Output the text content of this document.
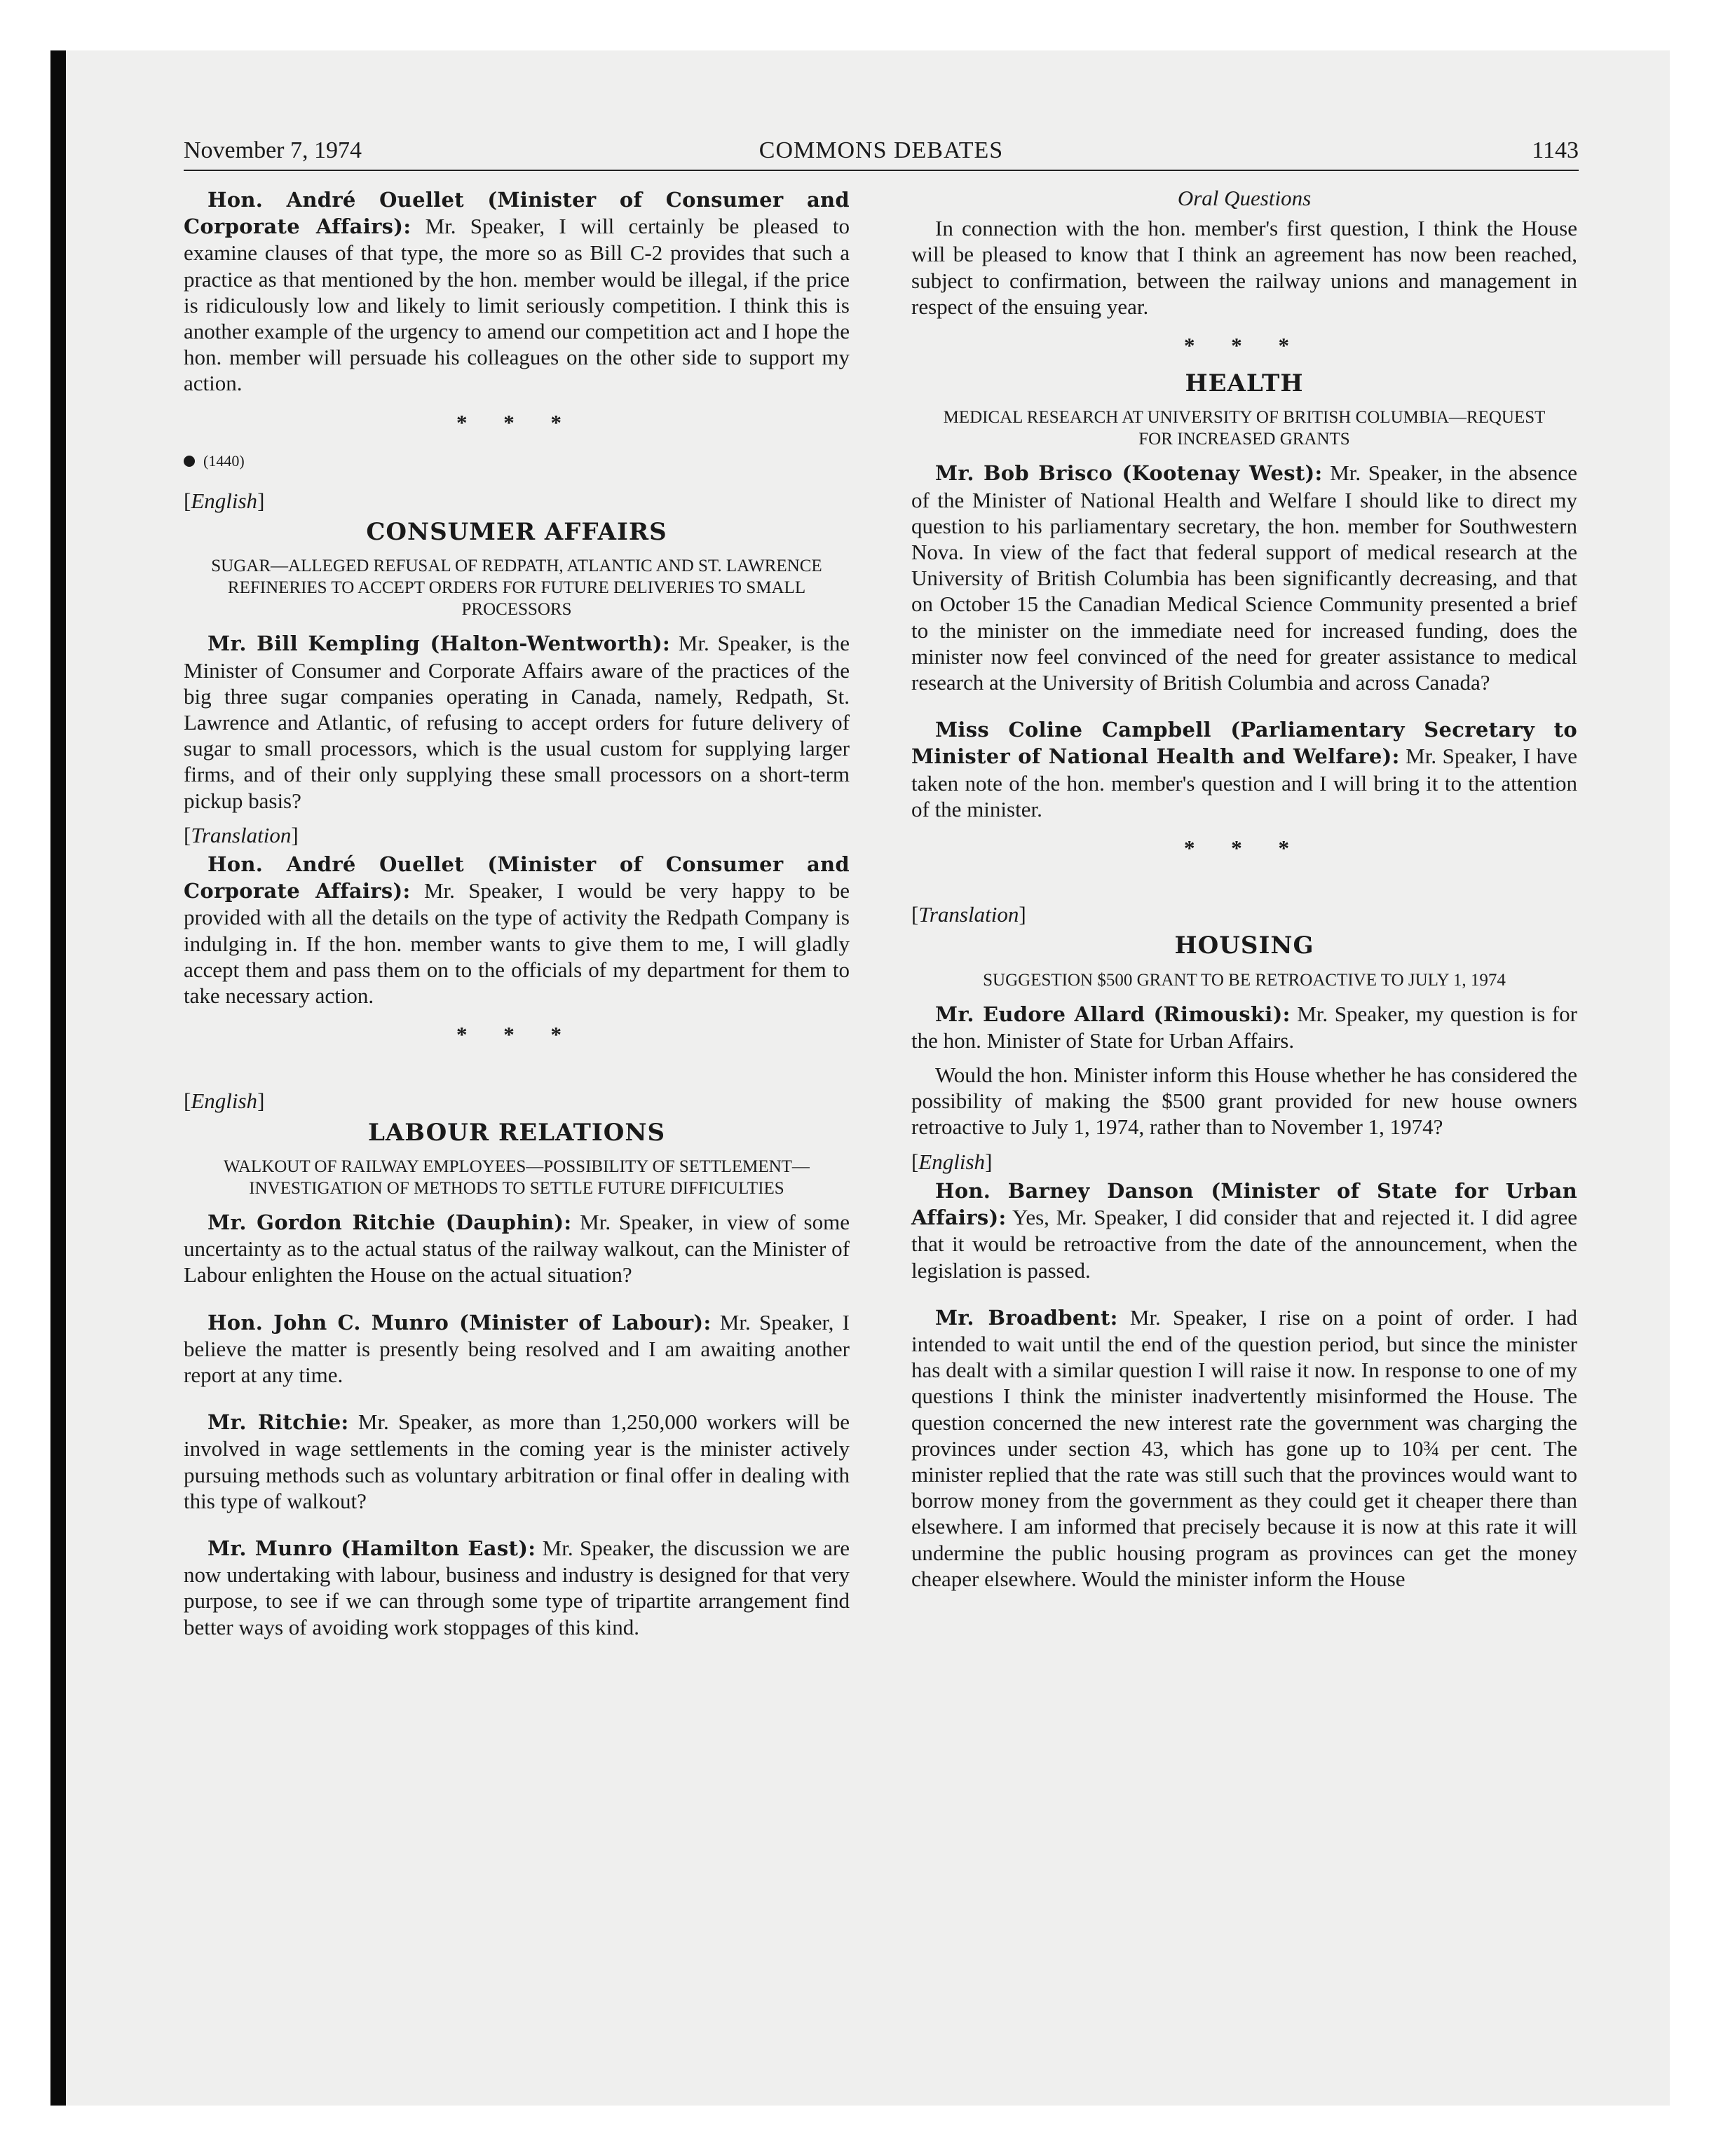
November 7, 1974	COMMONS DEBATES	1143

Hon. André Ouellet (Minister of Consumer and Corporate Affairs): Mr. Speaker, I will certainly be pleased to examine clauses of that type, the more so as Bill C-2 provides that such a practice as that mentioned by the hon. member would be illegal, if the price is ridiculously low and likely to limit seriously competition. I think this is another example of the urgency to amend our competition act and I hope the hon. member will persuade his colleagues on the other side to support my action.

* * *
(1440)
[English]
CONSUMER AFFAIRS
SUGAR—ALLEGED REFUSAL OF REDPATH, ATLANTIC AND ST. LAWRENCE REFINERIES TO ACCEPT ORDERS FOR FUTURE DELIVERIES TO SMALL PROCESSORS

Mr. Bill Kempling (Halton-Wentworth): Mr. Speaker, is the Minister of Consumer and Corporate Affairs aware of the practices of the big three sugar companies operating in Canada, namely, Redpath, St. Lawrence and Atlantic, of refusing to accept orders for future delivery of sugar to small processors, which is the usual custom for supplying larger firms, and of their only supplying these small processors on a short-term pickup basis?

[Translation]

Hon. André Ouellet (Minister of Consumer and Corporate Affairs): Mr. Speaker, I would be very happy to be provided with all the details on the type of activity the Redpath Company is indulging in. If the hon. member wants to give them to me, I will gladly accept them and pass them on to the officials of my department for them to take necessary action.

* * *
[English]
LABOUR RELATIONS
WALKOUT OF RAILWAY EMPLOYEES—POSSIBILITY OF SETTLEMENT—INVESTIGATION OF METHODS TO SETTLE FUTURE DIFFICULTIES

Mr. Gordon Ritchie (Dauphin): Mr. Speaker, in view of some uncertainty as to the actual status of the railway walkout, can the Minister of Labour enlighten the House on the actual situation?

Hon. John C. Munro (Minister of Labour): Mr. Speaker, I believe the matter is presently being resolved and I am awaiting another report at any time.

Mr. Ritchie: Mr. Speaker, as more than 1,250,000 workers will be involved in wage settlements in the coming year is the minister actively pursuing methods such as voluntary arbitration or final offer in dealing with this type of walkout?

Mr. Munro (Hamilton East): Mr. Speaker, the discussion we are now undertaking with labour, business and industry is designed for that very purpose, to see if we can through some type of tripartite arrangement find better ways of avoiding work stoppages of this kind.

Oral Questions

In connection with the hon. member's first question, I think the House will be pleased to know that I think an agreement has now been reached, subject to confirmation, between the railway unions and management in respect of the ensuing year.

* * *
HEALTH
MEDICAL RESEARCH AT UNIVERSITY OF BRITISH COLUMBIA—REQUEST FOR INCREASED GRANTS

Mr. Bob Brisco (Kootenay West): Mr. Speaker, in the absence of the Minister of National Health and Welfare I should like to direct my question to his parliamentary secretary, the hon. member for Southwestern Nova. In view of the fact that federal support of medical research at the University of British Columbia has been significantly decreasing, and that on October 15 the Canadian Medical Science Community presented a brief to the minister on the immediate need for increased funding, does the minister now feel convinced of the need for greater assistance to medical research at the University of British Columbia and across Canada?

Miss Coline Campbell (Parliamentary Secretary to Minister of National Health and Welfare): Mr. Speaker, I have taken note of the hon. member's question and I will bring it to the attention of the minister.

* * *
[Translation]
HOUSING
SUGGESTION $500 GRANT TO BE RETROACTIVE TO JULY 1, 1974

Mr. Eudore Allard (Rimouski): Mr. Speaker, my question is for the hon. Minister of State for Urban Affairs.

Would the hon. Minister inform this House whether he has considered the possibility of making the $500 grant provided for new house owners retroactive to July 1, 1974, rather than to November 1, 1974?

[English]

Hon. Barney Danson (Minister of State for Urban Affairs): Yes, Mr. Speaker, I did consider that and rejected it. I did agree that it would be retroactive from the date of the announcement, when the legislation is passed.

Mr. Broadbent: Mr. Speaker, I rise on a point of order. I had intended to wait until the end of the question period, but since the minister has dealt with a similar question I will raise it now. In response to one of my questions I think the minister inadvertently misinformed the House. The question concerned the new interest rate the government was charging the provinces under section 43, which has gone up to 10¾ per cent. The minister replied that the rate was still such that the provinces would want to borrow money from the government as they could get it cheaper there than elsewhere. I am informed that precisely because it is now at this rate it will undermine the public housing program as provinces can get the money cheaper elsewhere. Would the minister inform the House
